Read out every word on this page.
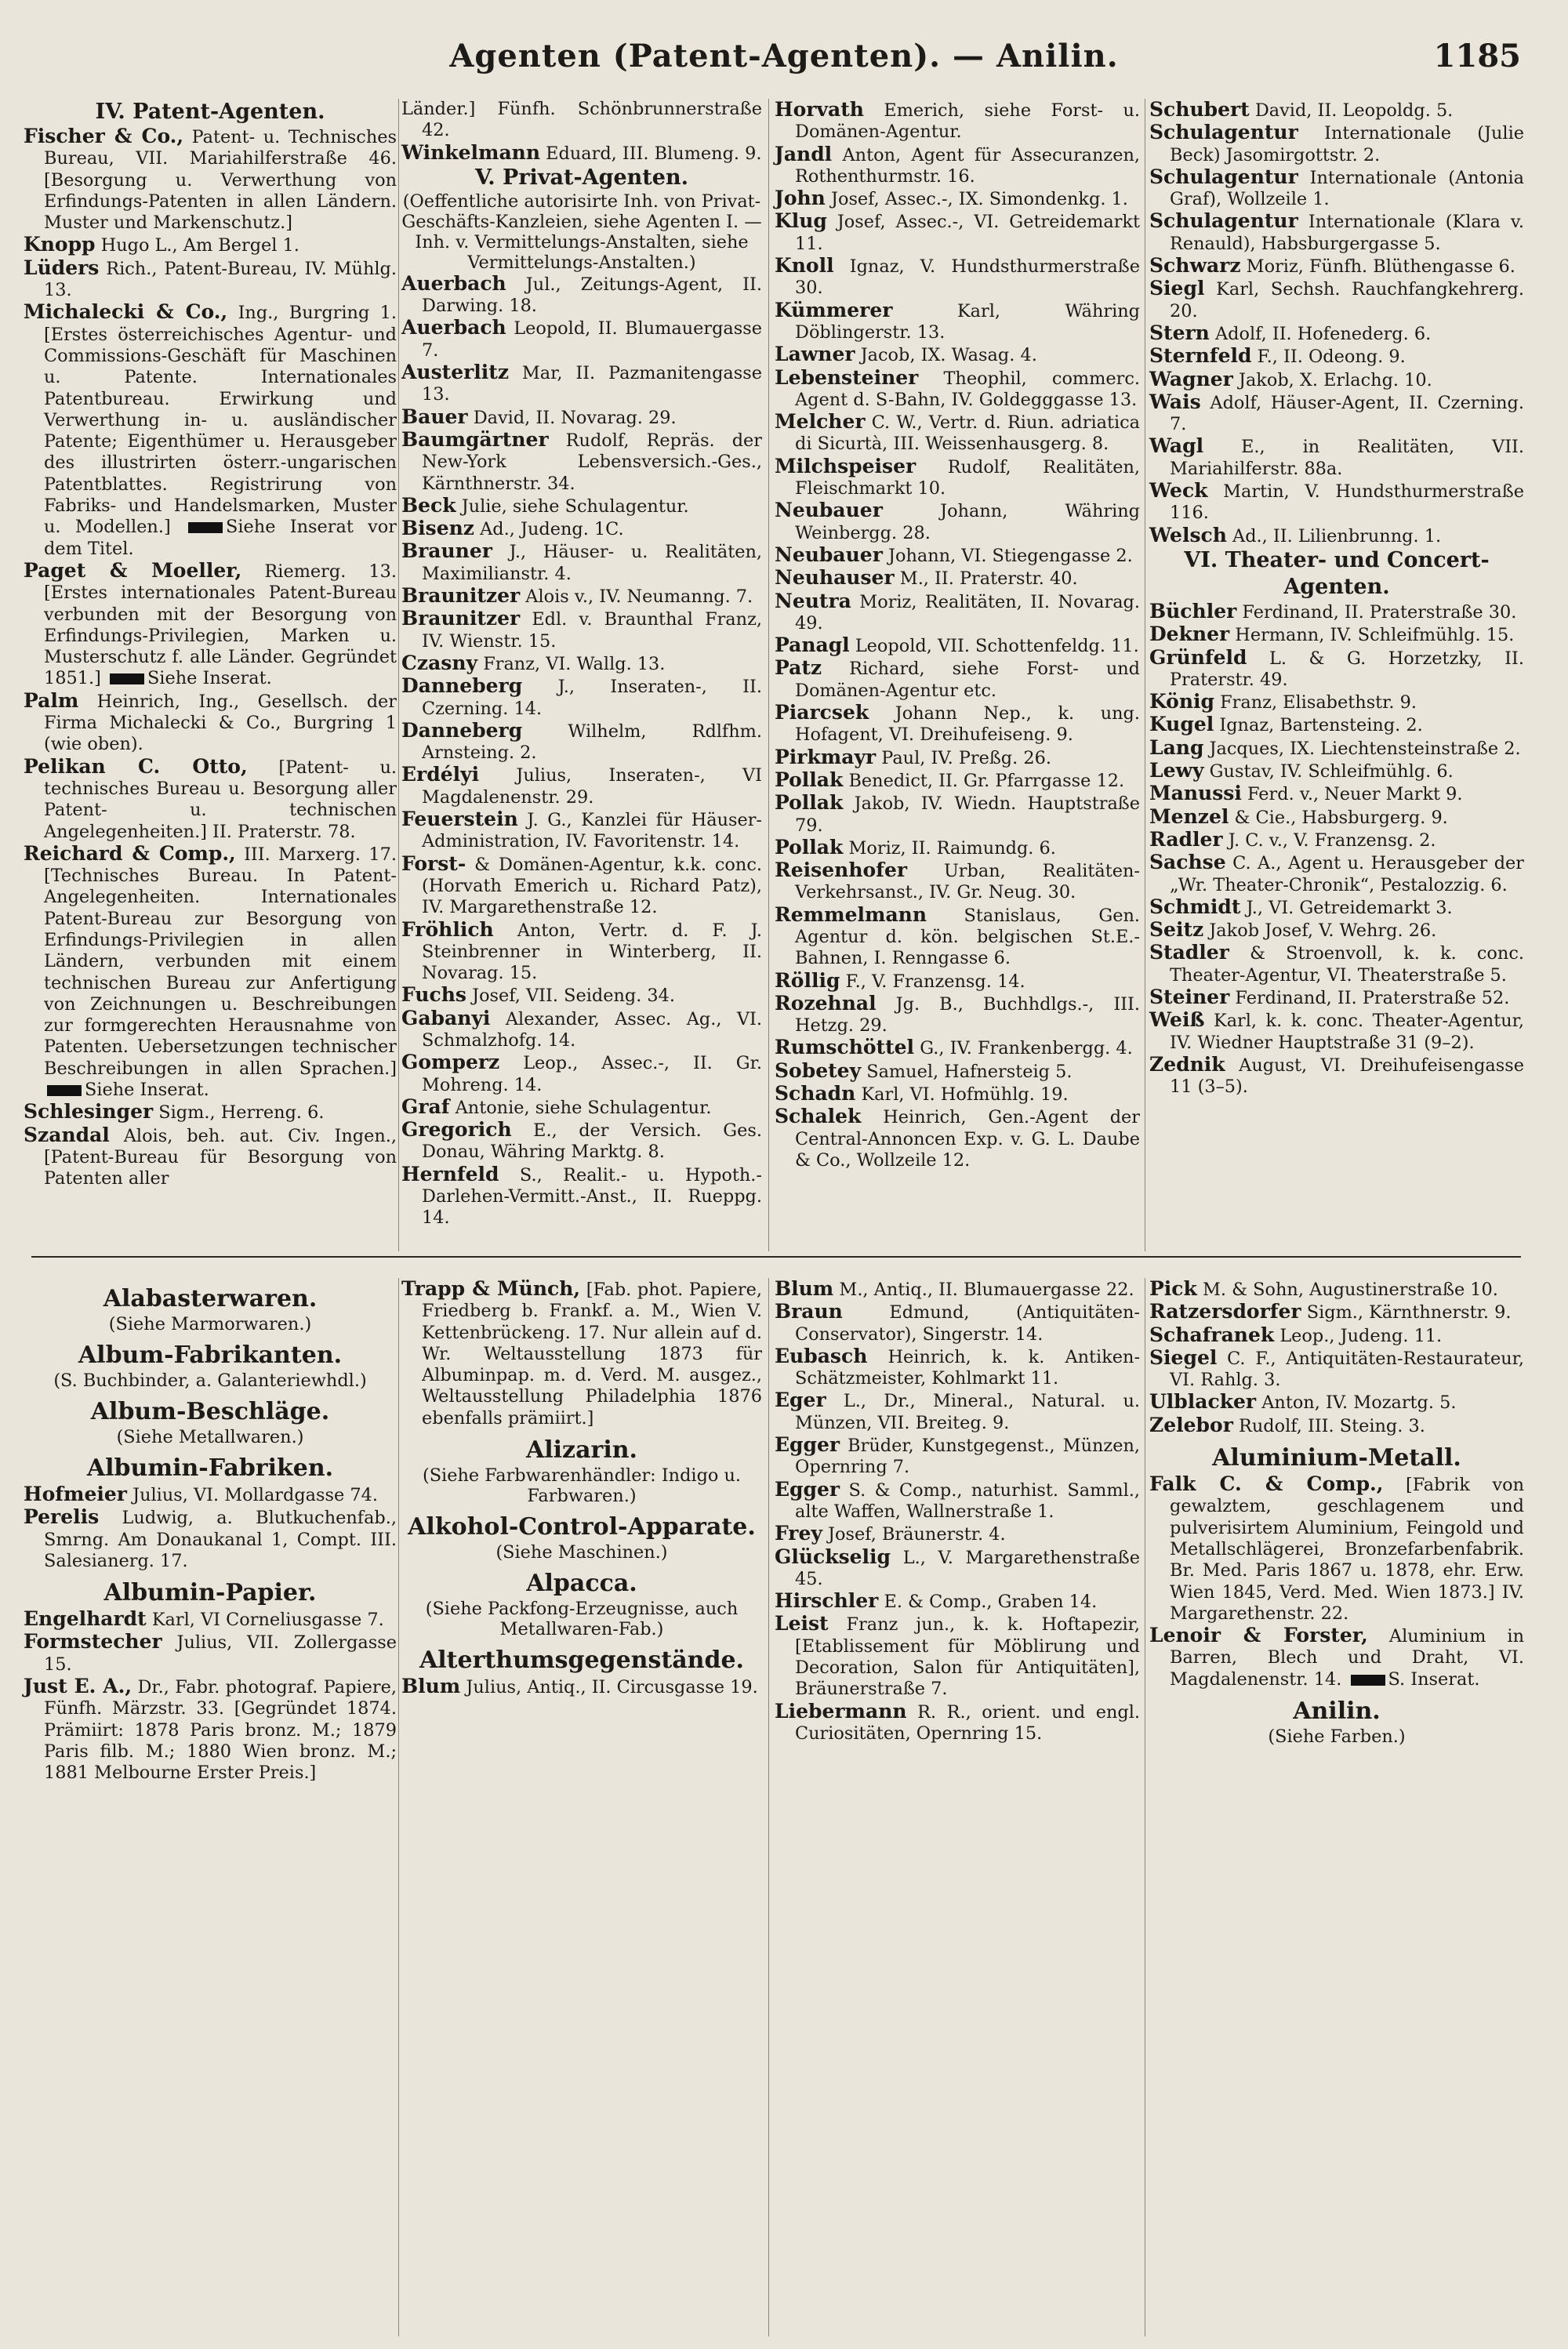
Agenten (Patent-Agenten). — Anilin.	1185
IV. Patent-Agenten.
Fischer & Co., Patent- u. Technisches Bureau, VII. Mariahilferstraße 46. [Besorgung u. Verwerthung von Erfindungs-Patenten in allen Ländern. Muster und Markenschutz.]
Knopp Hugo L., Am Bergel 1.
Lüders Rich., Patent-Bureau, IV. Mühlg. 13.
Michalecki & Co., Ing., Burgring 1. [Erstes österreichisches Agentur- und Commissions-Geschäft für Maschinen u. Patente. Internationales Patentbureau. Erwirkung und Verwerthung in- u. ausländischer Patente; Eigenthümer u. Herausgeber des illustrirten österr.-ungarischen Patentblattes. Registrirung von Fabriks- und Handelsmarken, Muster u. Modellen.]	Siehe Inserat vor dem Titel.
Paget & Moeller, Riemerg. 13. [Erstes internationales Patent-Bureau verbunden mit der Besorgung von Erfindungs-Privilegien, Marken u. Musterschutz f. alle Länder. Gegründet 1851.]	Siehe Inserat.
Palm Heinrich, Ing., Gesellsch. der Firma Michalecki & Co., Burgring 1 (wie oben).
Pelikan C. Otto, [Patent- u. technisches Bureau u. Besorgung aller Patent- u. technischen Angelegenheiten.] II. Praterstr. 78.
Reichard & Comp., III. Marxerg. 17. [Technisches Bureau. In Patent-Angelegenheiten. Internationales Patent-Bureau zur Besorgung von Erfindungs-Privilegien in allen Ländern, verbunden mit einem technischen Bureau zur Anfertigung von Zeichnungen u. Beschreibungen zur formgerechten Herausnahme von Patenten. Uebersetzungen technischer Beschreibungen in allen Sprachen.] Siehe Inserat.
Schlesinger Sigm., Herreng. 6.
Szandal Alois, beh. aut. Civ. Ingen., [Patent-Bureau für Besorgung von Patenten aller
Länder.] Fünfh. Schönbrunnerstraße 42.
Winkelmann Eduard, III. Blumeng. 9.
V. Privat-Agenten.
(Oeffentliche autorisirte Inh. von Privat-Geschäfts-Kanzleien, siehe Agenten I. — Inh. v. Vermittelungs-Anstalten, siehe Vermittelungs-Anstalten.)
Auerbach Jul., Zeitungs-Agent, II. Darwing. 18.
Auerbach Leopold, II. Blumauergasse 7.
Austerlitz Mar, II. Pazmanitengasse 13.
Bauer David, II. Novarag. 29.
Baumgärtner Rudolf, Repräs. der New-York Lebensversich.-Ges., Kärnthnerstr. 34.
Beck Julie, siehe Schulagentur.
Bisenz Ad., Judeng. 1C.
Brauner J., Häuser- u. Realitäten, Maximilianstr. 4.
Braunitzer Alois v., IV. Neumanng. 7.
Braunitzer Edl. v. Braunthal Franz, IV. Wienstr. 15.
Czasny Franz, VI. Wallg. 13.
Danneberg J., Inseraten-, II. Czerning. 14.
Danneberg	Wilhelm, Rdlfhm. Arnsteing. 2.
Erdélyi Julius, Inseraten-, VI Magdalenenstr. 29.
Feuerstein J. G., Kanzlei für Häuser-Administration, IV. Favoritenstr. 14.
Forst- & Domänen-Agentur, k.k. conc. (Horvath Emerich u. Richard Patz), IV. Margarethenstraße 12.
Fröhlich Anton, Vertr. d. F. J. Steinbrenner in Winterberg, II. Novarag. 15.
Fuchs Josef, VII. Seideng. 34.
Gabanyi Alexander, Assec. Ag., VI. Schmalzhofg. 14.
Gomperz Leop., Assec.-, II. Gr. Mohreng. 14.
Graf Antonie, siehe Schulagentur.
Gregorich E., der Versich. Ges. Donau, Währing Marktg. 8.
Hernfeld S., Realit.- u. Hypoth.-Darlehen-Vermitt.-Anst., II. Rueppg. 14.
Horvath Emerich, siehe Forst- u. Domänen-Agentur.
Jandl Anton, Agent für Assecuranzen, Rothenthurmstr. 16.
John Josef, Assec.-, IX. Simondenkg. 1.
Klug Josef, Assec.-, VI. Getreidemarkt 11.
Knoll Ignaz, V. Hundsthurmerstraße 30.
Kümmerer	Karl, Währing Döblingerstr. 13.
Lawner Jacob, IX. Wasag. 4.
Lebensteiner Theophil, commerc. Agent d. S-Bahn, IV. Goldegggasse 13.
Melcher C. W., Vertr. d. Riun. adriatica di Sicurtà, III. Weissenhausgerg. 8.
Milchspeiser Rudolf, Realitäten, Fleischmarkt 10.
Neubauer	Johann, Währing Weinbergg. 28.
Neubauer Johann, VI. Stiegengasse 2.
Neuhauser M., II. Praterstr. 40.
Neutra Moriz, Realitäten, II. Novarag. 49.
Panagl Leopold, VII. Schottenfeldg. 11.
Patz Richard, siehe Forst- und Domänen-Agentur etc.
Piarcsek Johann Nep., k. ung. Hofagent, VI. Dreihufeiseng. 9.
Pirkmayr Paul, IV. Preßg. 26.
Pollak Benedict, II. Gr. Pfarrgasse 12.
Pollak Jakob, IV. Wiedn. Hauptstraße 79.
Pollak Moriz, II. Raimundg. 6.
Reisenhofer Urban, Realitäten-Verkehrsanst., IV. Gr. Neug. 30.
Remmelmann Stanislaus, Gen. Agentur d. kön. belgischen St.E.-Bahnen, I. Renngasse 6.
Röllig F., V. Franzensg. 14.
Rozehnal Jg. B., Buchhdlgs.-, III. Hetzg. 29.
Rumschöttel G., IV. Frankenbergg. 4.
Sobetey Samuel, Hafnersteig 5.
Schadn Karl, VI. Hofmühlg. 19.
Schalek Heinrich, Gen.-Agent der Central-Annoncen Exp. v. G. L. Daube & Co., Wollzeile 12.
Schubert David, II. Leopoldg. 5.
Schulagentur Internationale (Julie Beck) Jasomirgottstr. 2.
Schulagentur Internationale (Antonia Graf), Wollzeile 1.
Schulagentur Internationale (Klara v. Renauld), Habsburgergasse 5.
Schwarz Moriz, Fünfh. Blüthengasse 6.
Siegl Karl, Sechsh. Rauchfangkehrerg. 20.
Stern Adolf, II. Hofenederg. 6.
Sternfeld F., II. Odeong. 9.
Wagner Jakob, X. Erlachg. 10.
Wais Adolf, Häuser-Agent, II. Czerning. 7.
Wagl E., in Realitäten, VII. Mariahilferstr. 88a.
Weck Martin, V. Hundsthurmerstraße 116.
Welsch Ad., II. Lilienbrunng. 1.
VI. Theater- und Concert-Agenten.
Büchler Ferdinand, II. Praterstraße 30.
Dekner Hermann, IV. Schleifmühlg. 15.
Grünfeld L. & G. Horzetzky, II. Praterstr. 49.
König Franz, Elisabethstr. 9.
Kugel Ignaz, Bartensteing. 2.
Lang Jacques, IX. Liechtensteinstraße 2.
Lewy Gustav, IV. Schleifmühlg. 6.
Manussi Ferd. v., Neuer Markt 9.
Menzel & Cie., Habsburgerg. 9.
Radler J. C. v., V. Franzensg. 2.
Sachse C. A., Agent u. Herausgeber der „Wr. Theater-Chronik“, Pestalozzig. 6.
Schmidt J., VI. Getreidemarkt 3.
Seitz Jakob Josef, V. Wehrg. 26.
Stadler & Stroenvoll, k. k. conc. Theater-Agentur, VI. Theaterstraße 5.
Steiner Ferdinand, II. Praterstraße 52.
Weiß Karl, k. k. conc. Theater-Agentur, IV. Wiedner Hauptstraße 31 (9–2).
Zednik August, VI. Dreihufeisengasse 11 (3–5).
Alabasterwaren.
(Siehe Marmorwaren.)
Album-Fabrikanten.
(S. Buchbinder, a. Galanteriewhdl.)
Album-Beschläge.
(Siehe Metallwaren.)
Albumin-Fabriken.
Hofmeier Julius, VI. Mollardgasse 74.
Perelis Ludwig, a. Blutkuchenfab., Smrng. Am Donaukanal 1, Compt. III. Salesianerg. 17.
Albumin-Papier.
Engelhardt Karl, VI Corneliusgasse 7.
Formstecher Julius, VII. Zollergasse 15.
Just E. A., Dr., Fabr. photograf. Papiere, Fünfh. Märzstr. 33. [Gegründet 1874. Prämiirt: 1878 Paris bronz. M.; 1879 Paris filb. M.; 1880 Wien bronz. M.; 1881 Melbourne Erster Preis.]
Trapp & Münch, [Fab. phot. Papiere, Friedberg b. Frankf. a. M., Wien V. Kettenbrückeng. 17. Nur allein auf d. Wr. Weltausstellung 1873 für Albuminpap. m. d. Verd. M. ausgez., Weltausstellung Philadelphia 1876 ebenfalls prämiirt.]
Alizarin.
(Siehe Farbwarenhändler: Indigo u. Farbwaren.)
Alkohol-Control-Apparate.
(Siehe Maschinen.)
Alpacca.
(Siehe Packfong-Erzeugnisse, auch Metallwaren-Fab.)
Alterthumsgegenstände.
Blum Julius, Antiq., II. Circusgasse 19.
Blum M., Antiq., II. Blumauergasse 22.
Braun	Edmund, (Antiquitäten-Conservator), Singerstr. 14.
Eubasch Heinrich, k. k. Antiken-Schätzmeister, Kohlmarkt 11.
Eger L., Dr., Mineral., Natural. u. Münzen, VII. Breiteg. 9.
Egger Brüder, Kunstgegenst., Münzen, Opernring 7.
Egger S. & Comp., naturhist. Samml., alte Waffen, Wallnerstraße 1.
Frey Josef, Bräunerstr. 4.
Glückselig L., V. Margarethenstraße 45.
Hirschler E. & Comp., Graben 14.
Leist Franz jun., k. k. Hoftapezir, [Etablissement für Möblirung und Decoration, Salon für Antiquitäten], Bräunerstraße 7.
Liebermann R. R., orient. und engl. Curiositäten, Opernring 15.
Pick M. & Sohn, Augustinerstraße 10.
Ratzersdorfer Sigm., Kärnthnerstr. 9.
Schafranek Leop., Judeng. 11.
Siegel C. F., Antiquitäten-Restaurateur, VI. Rahlg. 3.
Ulblacker Anton, IV. Mozartg. 5.
Zelebor Rudolf, III. Steing. 3.
Aluminium-Metall.
Falk C. & Comp., [Fabrik von gewalztem, geschlagenem und pulverisirtem Aluminium, Feingold und Metallschlägerei, Bronzefarbenfabrik. Br. Med. Paris 1867 u. 1878, ehr. Erw. Wien 1845, Verd. Med. Wien 1873.] IV. Margarethenstr. 22.
Lenoir & Forster, Aluminium in Barren, Blech und Draht, VI. Magdalenenstr. 14.	S. Inserat.
Anilin.
(Siehe Farben.)
